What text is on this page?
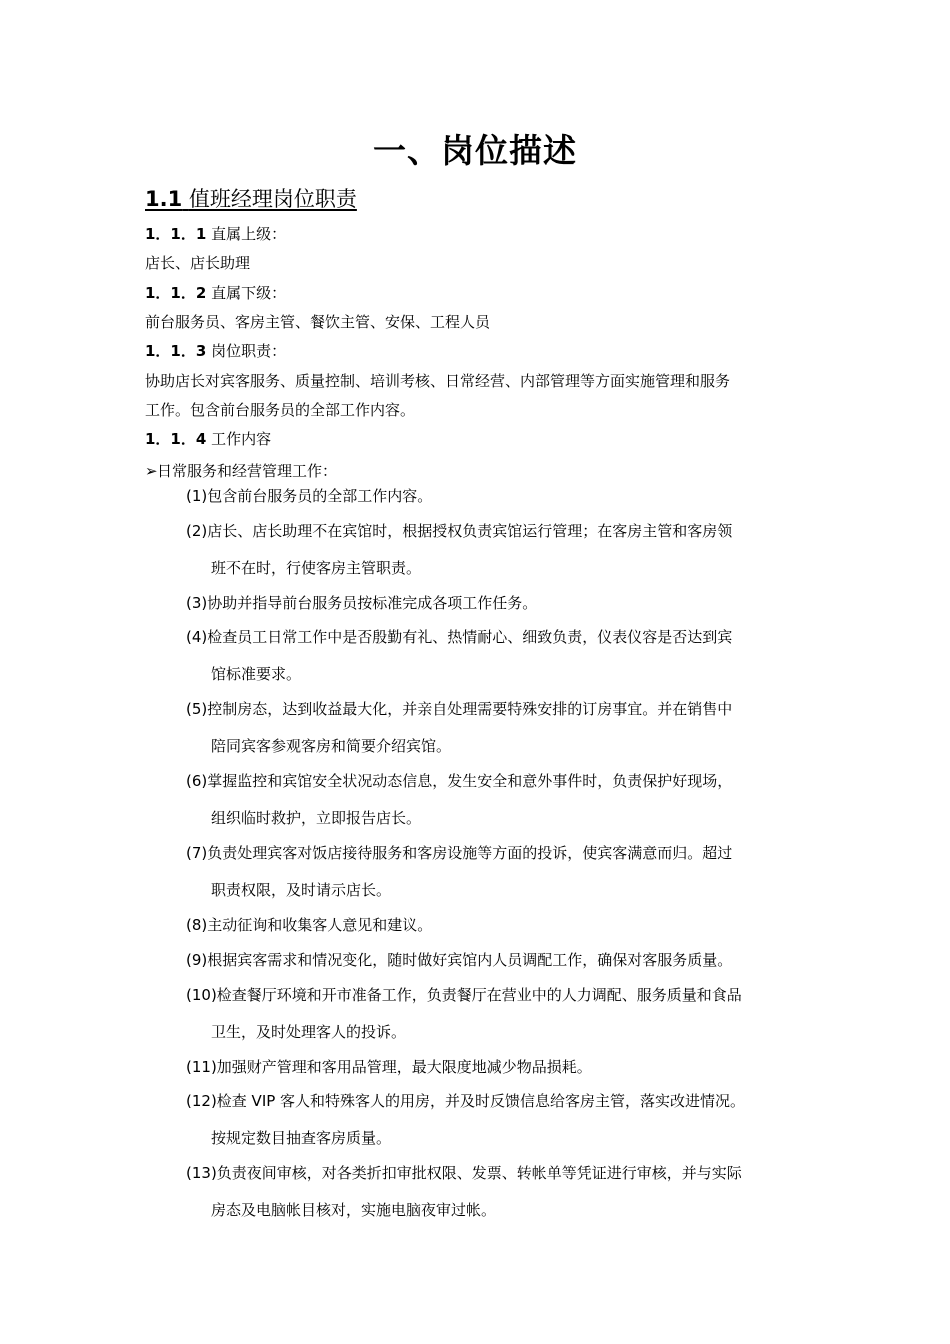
一、岗位描述
1.1 值班经理岗位职责
1．1．1 直属上级：
店长、店长助理
1．1．2 直属下级：
前台服务员、客房主管、餐饮主管、安保、工程人员
1．1．3 岗位职责：
协助店长对宾客服务、质量控制、培训考核、日常经营、内部管理等方面实施管理和服务
工作。包含前台服务员的全部工作内容。
1．1．4 工作内容
➢日常服务和经营管理工作：
(1)包含前台服务员的全部工作内容。
(2)店长、店长助理不在宾馆时，根据授权负责宾馆运行管理；在客房主管和客房领
班不在时，行使客房主管职责。
(3)协助并指导前台服务员按标准完成各项工作任务。
(4)检查员工日常工作中是否殷勤有礼、热情耐心、细致负责，仪表仪容是否达到宾
馆标准要求。
(5)控制房态，达到收益最大化，并亲自处理需要特殊安排的订房事宜。并在销售中
陪同宾客参观客房和简要介绍宾馆。
(6)掌握监控和宾馆安全状况动态信息，发生安全和意外事件时，负责保护好现场，
组织临时救护，立即报告店长。
(7)负责处理宾客对饭店接待服务和客房设施等方面的投诉，使宾客满意而归。超过
职责权限，及时请示店长。
(8)主动征询和收集客人意见和建议。
(9)根据宾客需求和情况变化，随时做好宾馆内人员调配工作，确保对客服务质量。
(10)检查餐厅环境和开市准备工作，负责餐厅在营业中的人力调配、服务质量和食品
卫生，及时处理客人的投诉。
(11)加强财产管理和客用品管理，最大限度地减少物品损耗。
(12)检查 VIP 客人和特殊客人的用房，并及时反馈信息给客房主管，落实改进情况。
按规定数目抽查客房质量。
(13)负责夜间审核，对各类折扣审批权限、发票、转帐单等凭证进行审核，并与实际
房态及电脑帐目核对，实施电脑夜审过帐。
